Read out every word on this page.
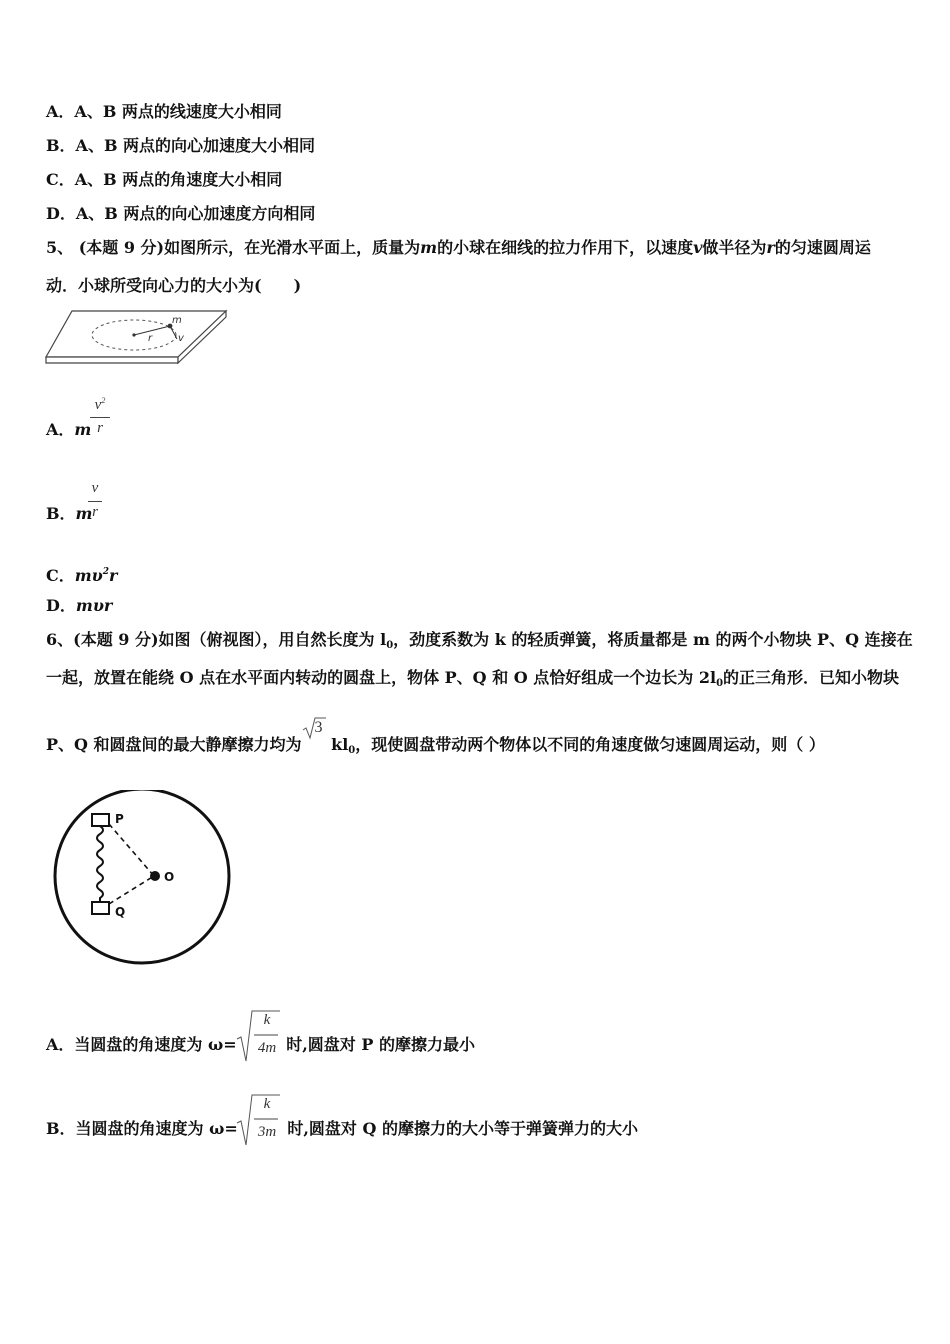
A．A、B 两点的线速度大小相同
B．A、B 两点的向心加速度大小相同
C．A、B 两点的角速度大小相同
D．A、B 两点的向心加速度方向相同
5、 (本题 9 分)如图所示，在光滑水平面上，质量为m的小球在细线的拉力作用下，以速度v做半径为r的匀速圆周运
动．小球所受向心力的大小为(　　)
r
m
v
A．m
$v^2$
r
B．m
v
r
C．$m\upsilon^2r$
D．mυr
6、(本题 9 分)如图（俯视图），用自然长度为 $l_0$，劲度系数为 k 的轻质弹簧，将质量都是 m 的两个小物块 P、Q 连接在
一起，放置在能绕 O 点在水平面内转动的圆盘上，物体 P、Q 和 O 点恰好组成一个边长为 $2l_0$的正三角形．已知小物块
P、Q 和圆盘间的最大静摩擦力均为
3
$kl_0$，现使圆盘带动两个物体以不同的角速度做匀速圆周运动，则（ ）
P
Q
O
A．当圆盘的角速度为 ω=	时,圆盘对 P 的摩擦力最小
k
4m
B．当圆盘的角速度为 ω=	时,圆盘对 Q 的摩擦力的大小等于弹簧弹力的大小
k
3m
